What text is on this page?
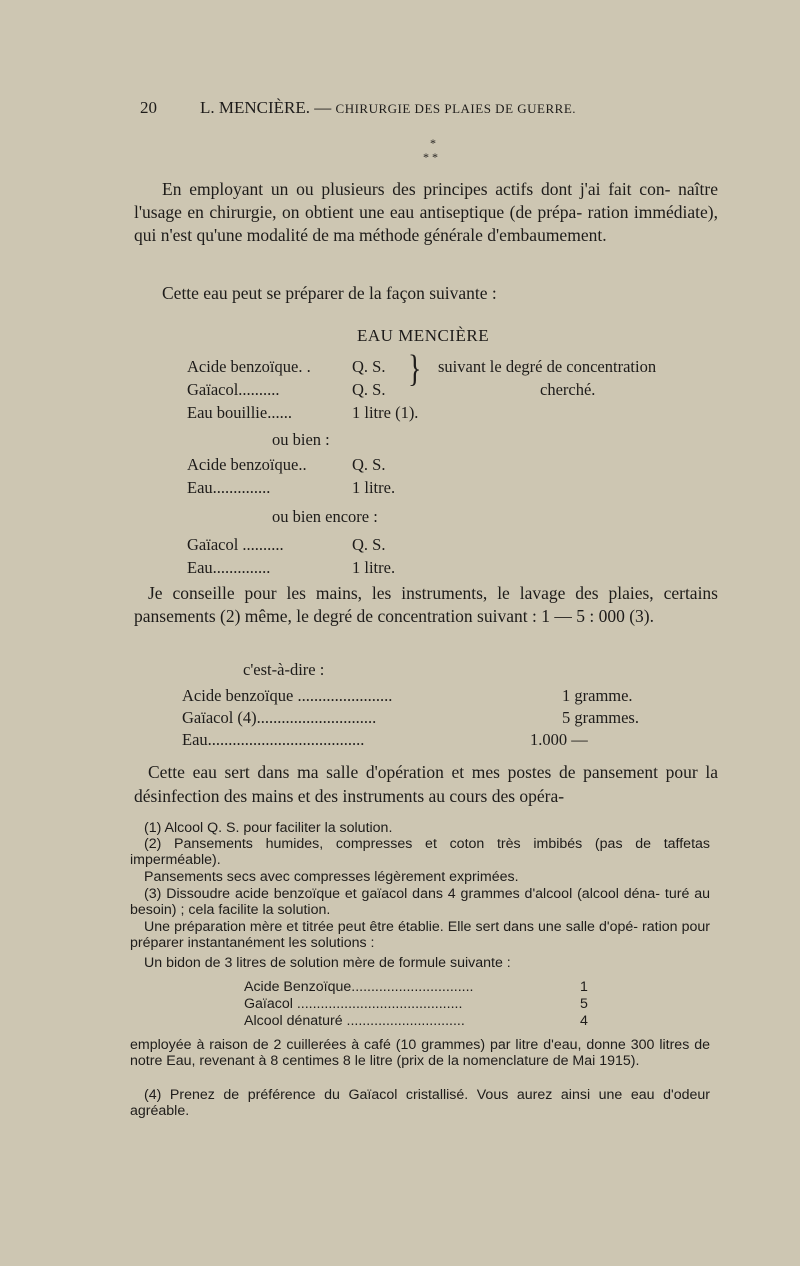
20	L. MENCIÈRE. — CHIRURGIE DES PLAIES DE GUERRE.
*
* *
En employant un ou plusieurs des principes actifs dont j'ai fait con- naître l'usage en chirurgie, on obtient une eau antiseptique (de prépa- ration immédiate), qui n'est qu'une modalité de ma méthode générale d'embaumement.
Cette eau peut se préparer de la façon suivante :
EAU MENCIÈRE
Acide benzoïque. .	Q. S.
Gaïacol..........	Q. S. } suivant le degré de concentration
cherché.
Eau bouillie......	1 litre (1).
ou bien :
Acide benzoïque..	Q. S.
Eau..............	1 litre.
ou bien encore :
Gaïacol ..........	Q. S.
Eau..............	1 litre.
Je conseille pour les mains, les instruments, le lavage des plaies, certains pansements (2) même, le degré de concentration suivant : 1 — 5 : 000 (3).
c'est-à-dire :
Acide benzoïque .......................	1 gramme.
Gaïacol (4).............................	5 grammes.
Eau......................................	1.000 —
Cette eau sert dans ma salle d'opération et mes postes de pansement pour la désinfection des mains et des instruments au cours des opéra-
(1) Alcool Q. S. pour faciliter la solution.
(2) Pansements humides, compresses et coton très imbibés (pas de taffetas imperméable).
Pansements secs avec compresses légèrement exprimées.
(3) Dissoudre acide benzoïque et gaïacol dans 4 grammes d'alcool (alcool déna- turé au besoin) ; cela facilite la solution.
Une préparation mère et titrée peut être établie. Elle sert dans une salle d'opé- ration pour préparer instantanément les solutions :
Un bidon de 3 litres de solution mère de formule suivante :
Acide Benzoïque...............................	1
Gaïacol ..........................................	5
Alcool dénaturé ..............................	4
employée à raison de 2 cuillerées à café (10 grammes) par litre d'eau, donne 300 litres de notre Eau, revenant à 8 centimes 8 le litre (prix de la nomenclature de Mai 1915).
(4) Prenez de préférence du Gaïacol cristallisé. Vous aurez ainsi une eau d'odeur agréable.
